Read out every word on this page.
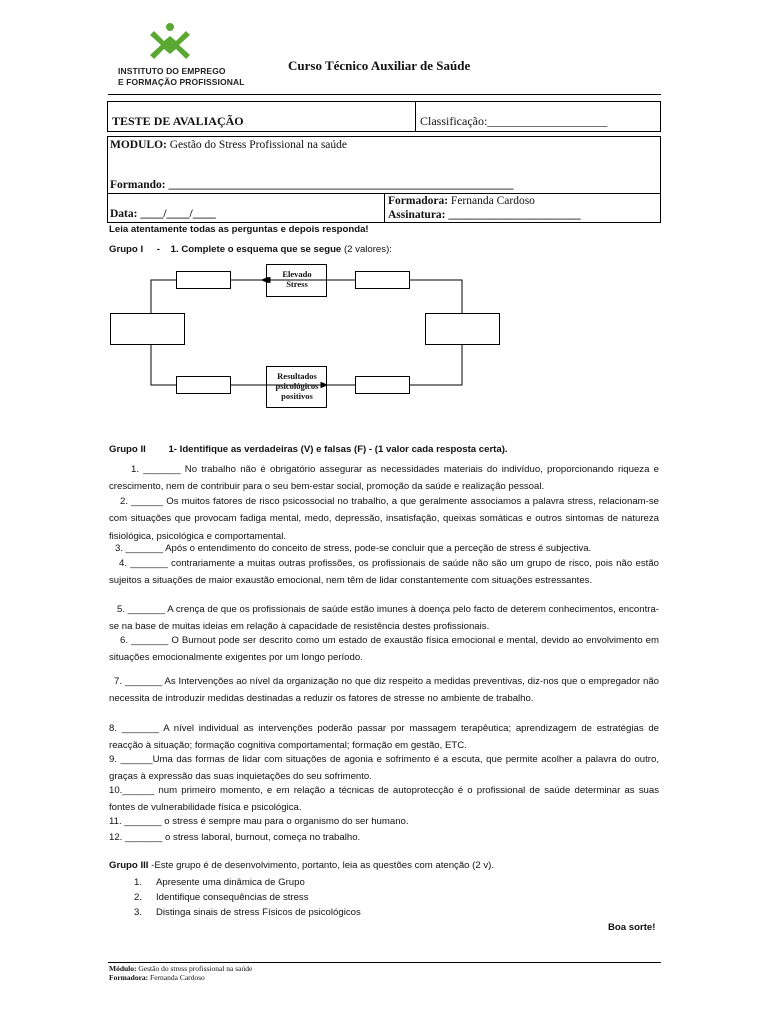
INSTITUTO DO EMPREGO
E FORMAÇÃO PROFISSIONAL
Curso Técnico Auxiliar de Saúde
TESTE DE AVALIAÇÃO	Classificação:____________________
MODULO: Gestão do Stress Profissional na saúde
Formando: ____________________________________________________________
Data: ____/____/____
Formadora: Fernanda Cardoso
Assinatura: _______________________
Leia atentamente todas as perguntas e depois responda!
Grupo I - 1. Complete o esquema que se segue (2 valores):
Elevado Stress
Resultados psicológicos positivos
Grupo II 1- Identifique as verdadeiras (V) e falsas (F) - (1 valor cada resposta certa).
1. _______ No trabalho não é obrigatório assegurar as necessidades materiais do indivíduo, proporcionando riqueza e crescimento, nem de contribuir para o seu bem-estar social, promoção da saúde e realização pessoal.
2. ______ Os muitos fatores de risco psicossocial no trabalho, a que geralmente associamos a palavra stress, relacionam-se com situações que provocam fadiga mental, medo, depressão, insatisfação, queixas somáticas e outros sintomas de natureza fisiológica, psicológica e comportamental.
3. _______ Após o entendimento do conceito de stress, pode-se concluir que a perceção de stress é subjectiva.
4. _______ contrariamente a muitas outras profissões, os profissionais de saúde não são um grupo de risco, pois não estão sujeitos a situações de maior exaustão emocional, nem têm de lidar constantemente com situações estressantes.
5. _______ A crença de que os profissionais de saúde estão imunes à doença pelo facto de deterem conhecimentos, encontra-se na base de muitas ideias em relação à capacidade de resistência destes profissionais.
6. _______ O Burnout pode ser descrito como um estado de exaustão física emocional e mental, devido ao envolvimento em situações emocionalmente exigentes por um longo período.
7. _______ As Intervenções ao nível da organização no que diz respeito a medidas preventivas, diz-nos que o empregador não necessita de introduzir medidas destinadas a reduzir os fatores de stresse no ambiente de trabalho.
8. _______ A nível individual as intervenções poderão passar por massagem terapêutica; aprendizagem de estratégias de reacção à situação; formação cognitiva comportamental; formação em gestão, ETC.
9. ______Uma das formas de lidar com situações de agonia e sofrimento é a escuta, que permite acolher a palavra do outro, graças à expressão das suas inquietações do seu sofrimento.
10.______ num primeiro momento, e em relação a técnicas de autoprotecção é o profissional de saúde determinar as suas fontes de vulnerabilidade física e psicológica.
11. _______ o stress é sempre mau para o organismo do ser humano.
12. _______ o stress laboral, burnout, começa no trabalho.
Grupo III -Este grupo é de desenvolvimento, portanto, leia as questões com atenção (2 v).
1. Apresente uma dinâmica de Grupo
2. Identifique consequências de stress
3. Distinga sinais de stress Físicos de psicológicos
Boa sorte!
Módulo: Gestão do stress profissional na saúde
Formadora: Fernanda Cardoso
